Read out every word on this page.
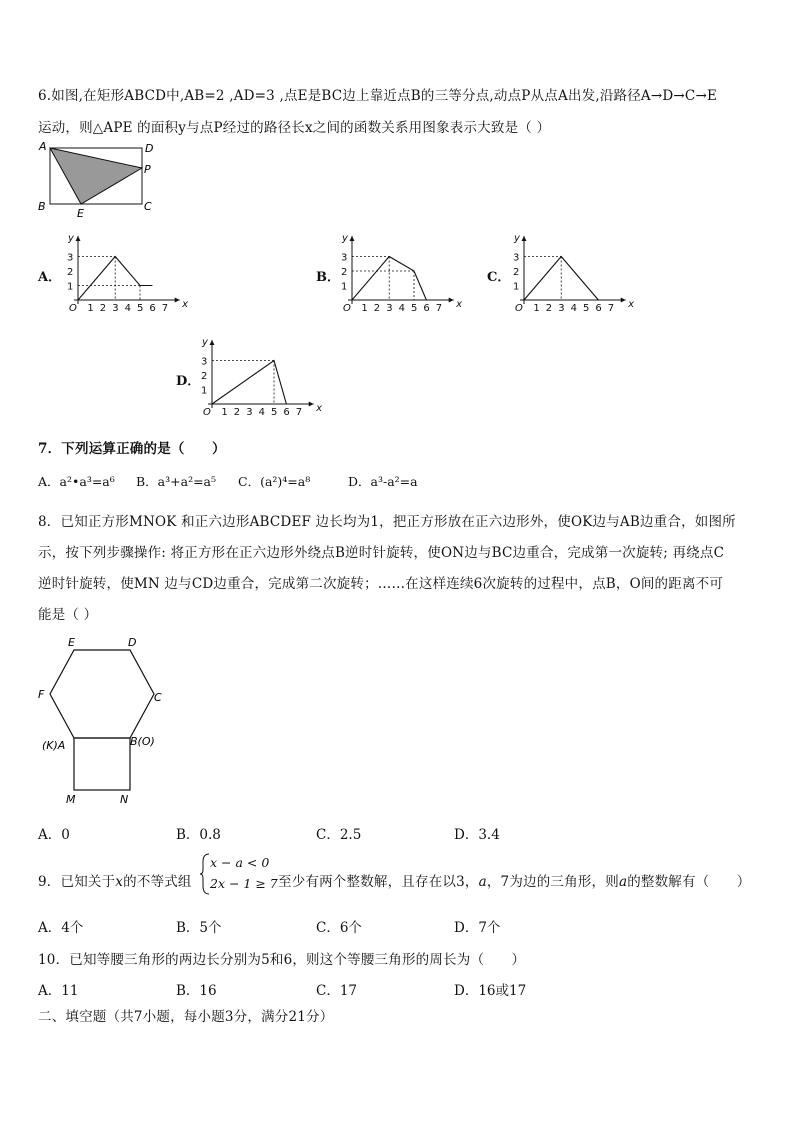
6.如图,在矩形ABCD中,AB=2 ,AD=3 ,点E是BC边上靠近点B的三等分点,动点P从点A出发,沿路径A→D→C→E
运动，则△APE 的面积y与点P经过的路径长x之间的函数关系用图象表示大致是（ ）
A	D
P
B	C
E
A．
O	x
y
1 2 3 4 5 6 7
3
2
1
B．
O	x
y
1 2 3 4 5 6 7
3
2
1
C．
O	x
y
1 2 3 4 5 6 7
3
2
1
D．
O	x
y
1 2 3 4 5 6 7
3
2
1
7．下列运算正确的是（　　）
A．a²•a³=a⁶ B．a³+a²=a⁵ C．(a²)⁴=a⁸	D．a³-a²=a
8．已知正方形MNOK 和正六边形ABCDEF 边长均为1，把正方形放在正六边形外，使OK边与AB边重合，如图所
示，按下列步骤操作: 将正方形在正六边形外绕点B逆时针旋转，使ON边与BC边重合，完成第一次旋转; 再绕点C
逆时针旋转，使MN 边与CD边重合，完成第二次旋转；……在这样连续6次旋转的过程中，点B，O间的距离不可
能是（ ）
E	D
F	C
(K)A	B(O)
M	N
A．0	B．0.8	C．2.5	D．3.4
9．已知关于x的不等式组
x − a < 0
2x − 1 ≥ 7 至少有两个整数解，且存在以3，a，7为边的三角形，则a的整数解有（　　）
A．4个	B．5个	C．6个	D．7个
10．已知等腰三角形的两边长分别为5和6，则这个等腰三角形的周长为（　　）
A．11	B．16	C．17	D．16或17
二、填空题（共7小题，每小题3分，满分21分）
